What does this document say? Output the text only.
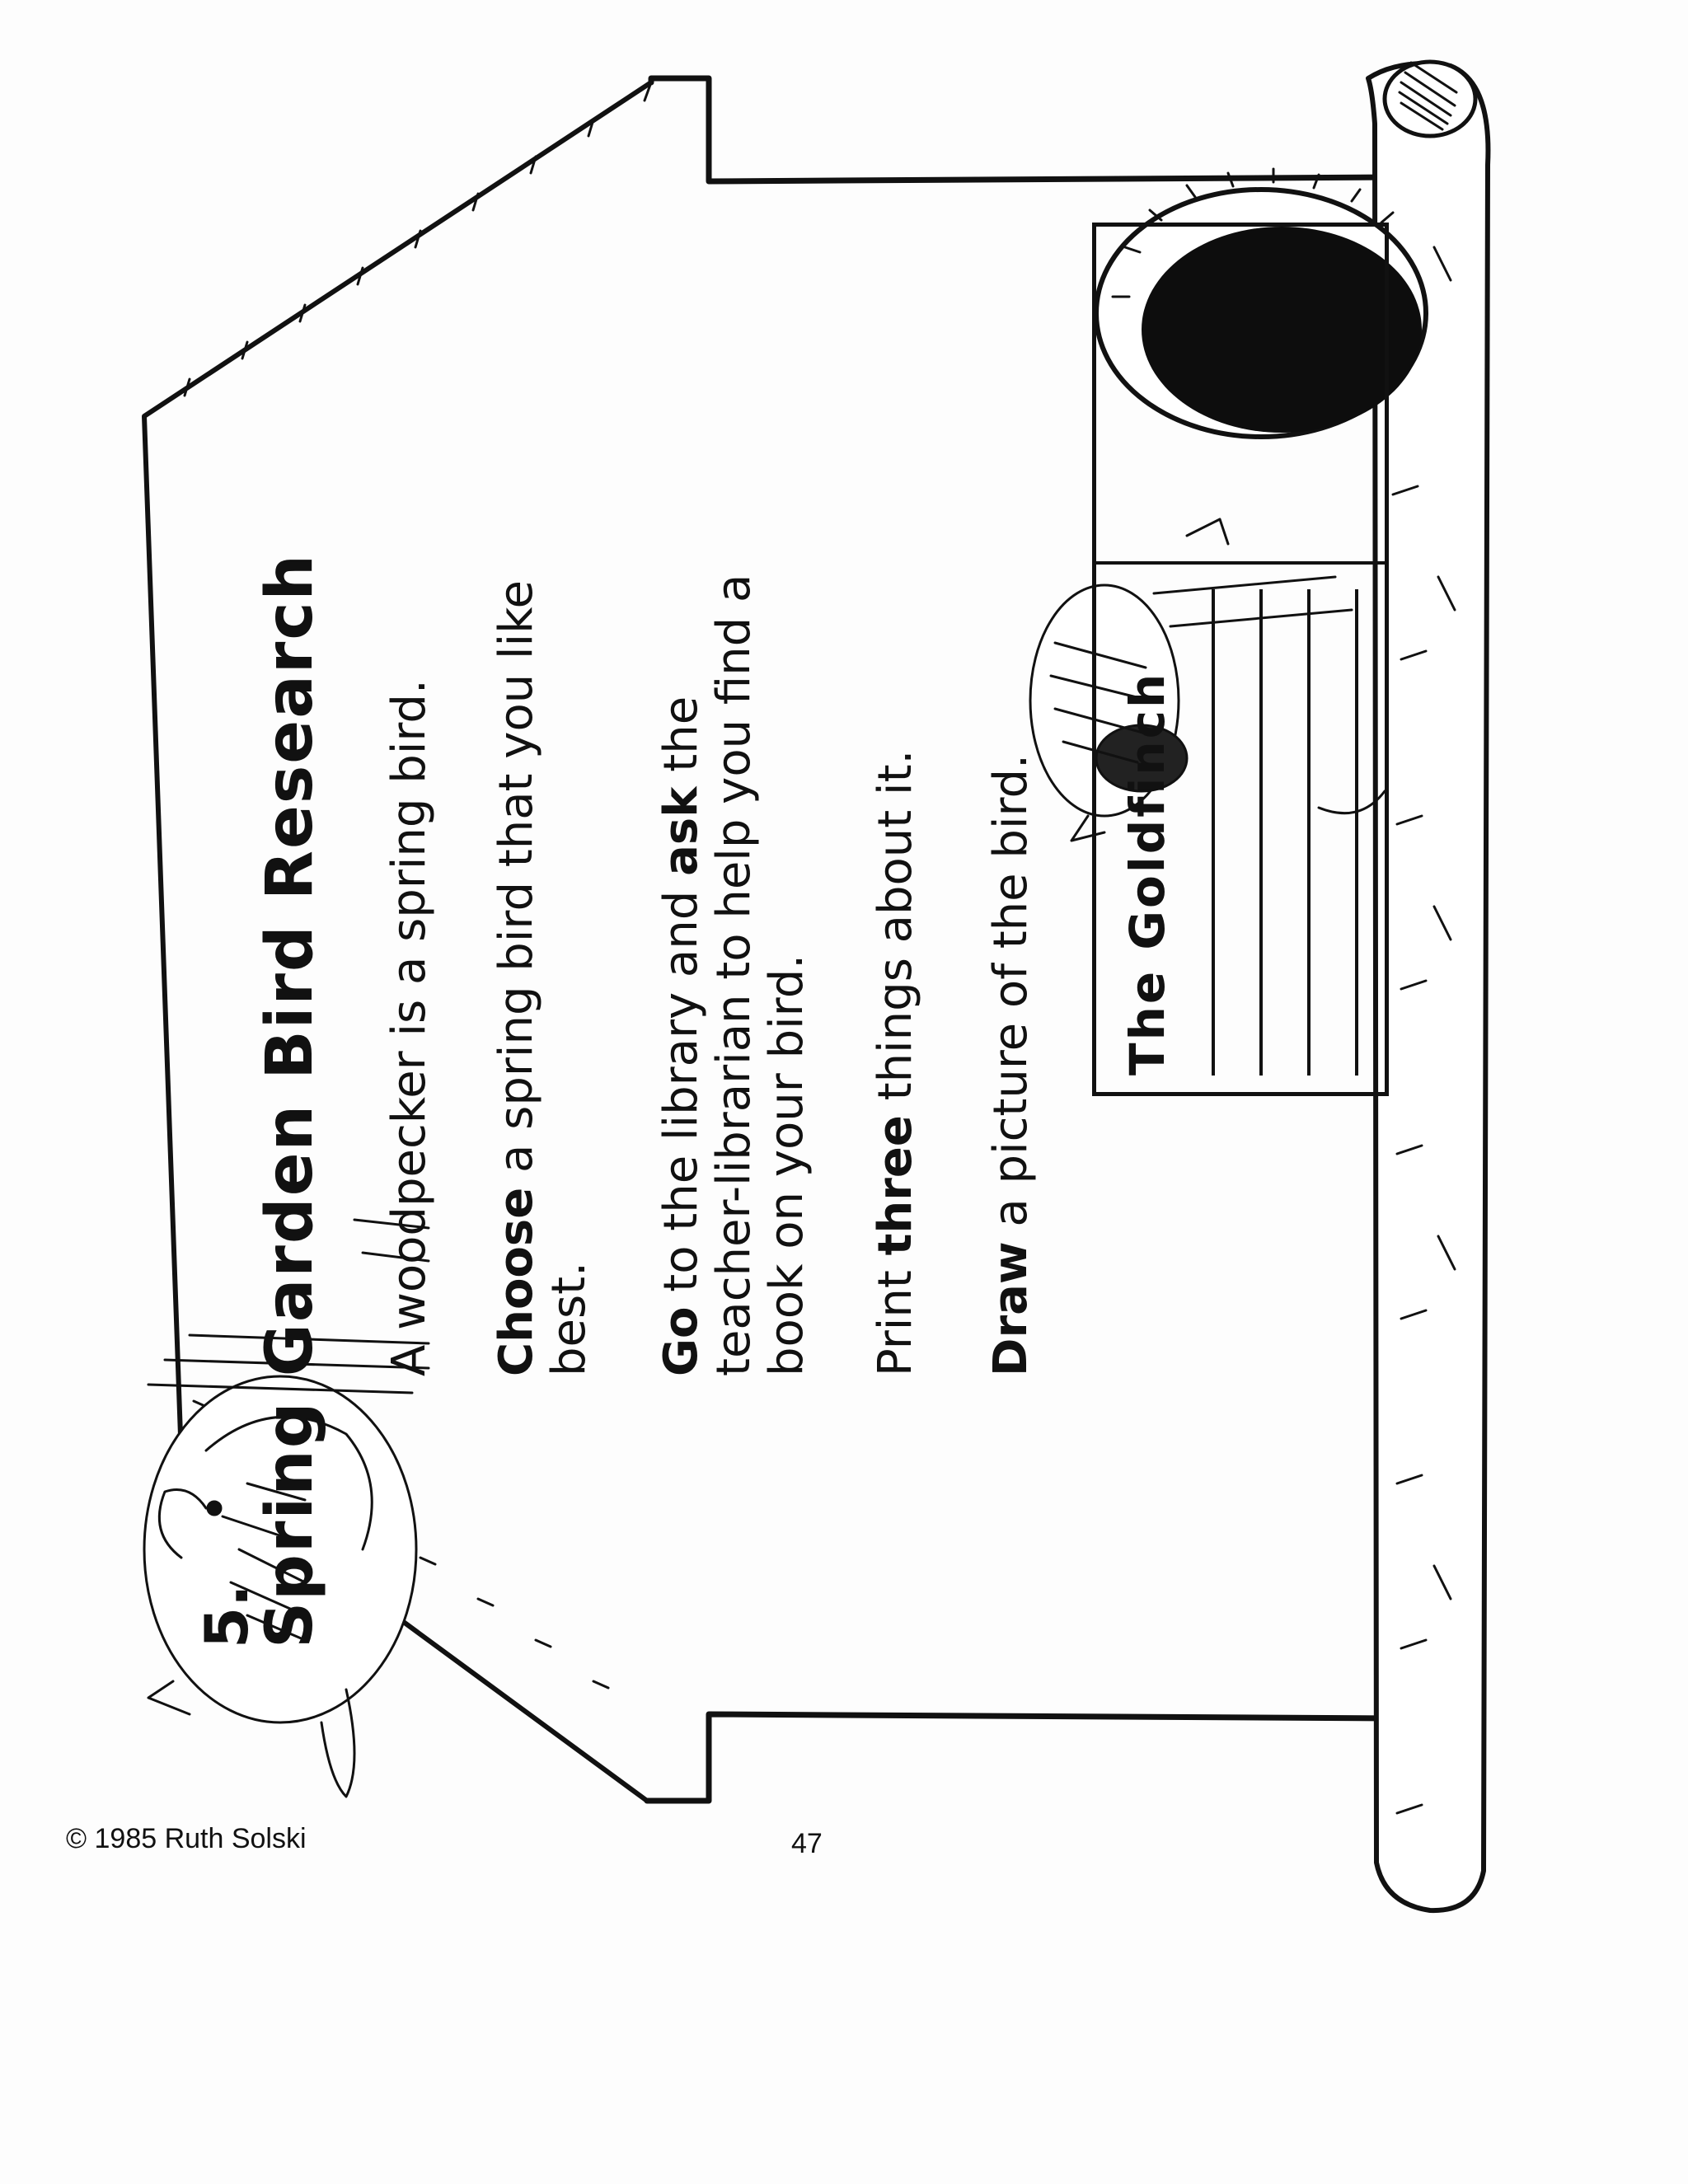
5.
Spring Garden Bird Research A woodpecker is a spring bird. Choose a spring bird that you like best. Go to the library and ask the teacher-librarian to help you find a book on your bird. Print three things about it.
Draw a picture of the bird. The Goldfinch
© 1985 Ruth Solski	47
